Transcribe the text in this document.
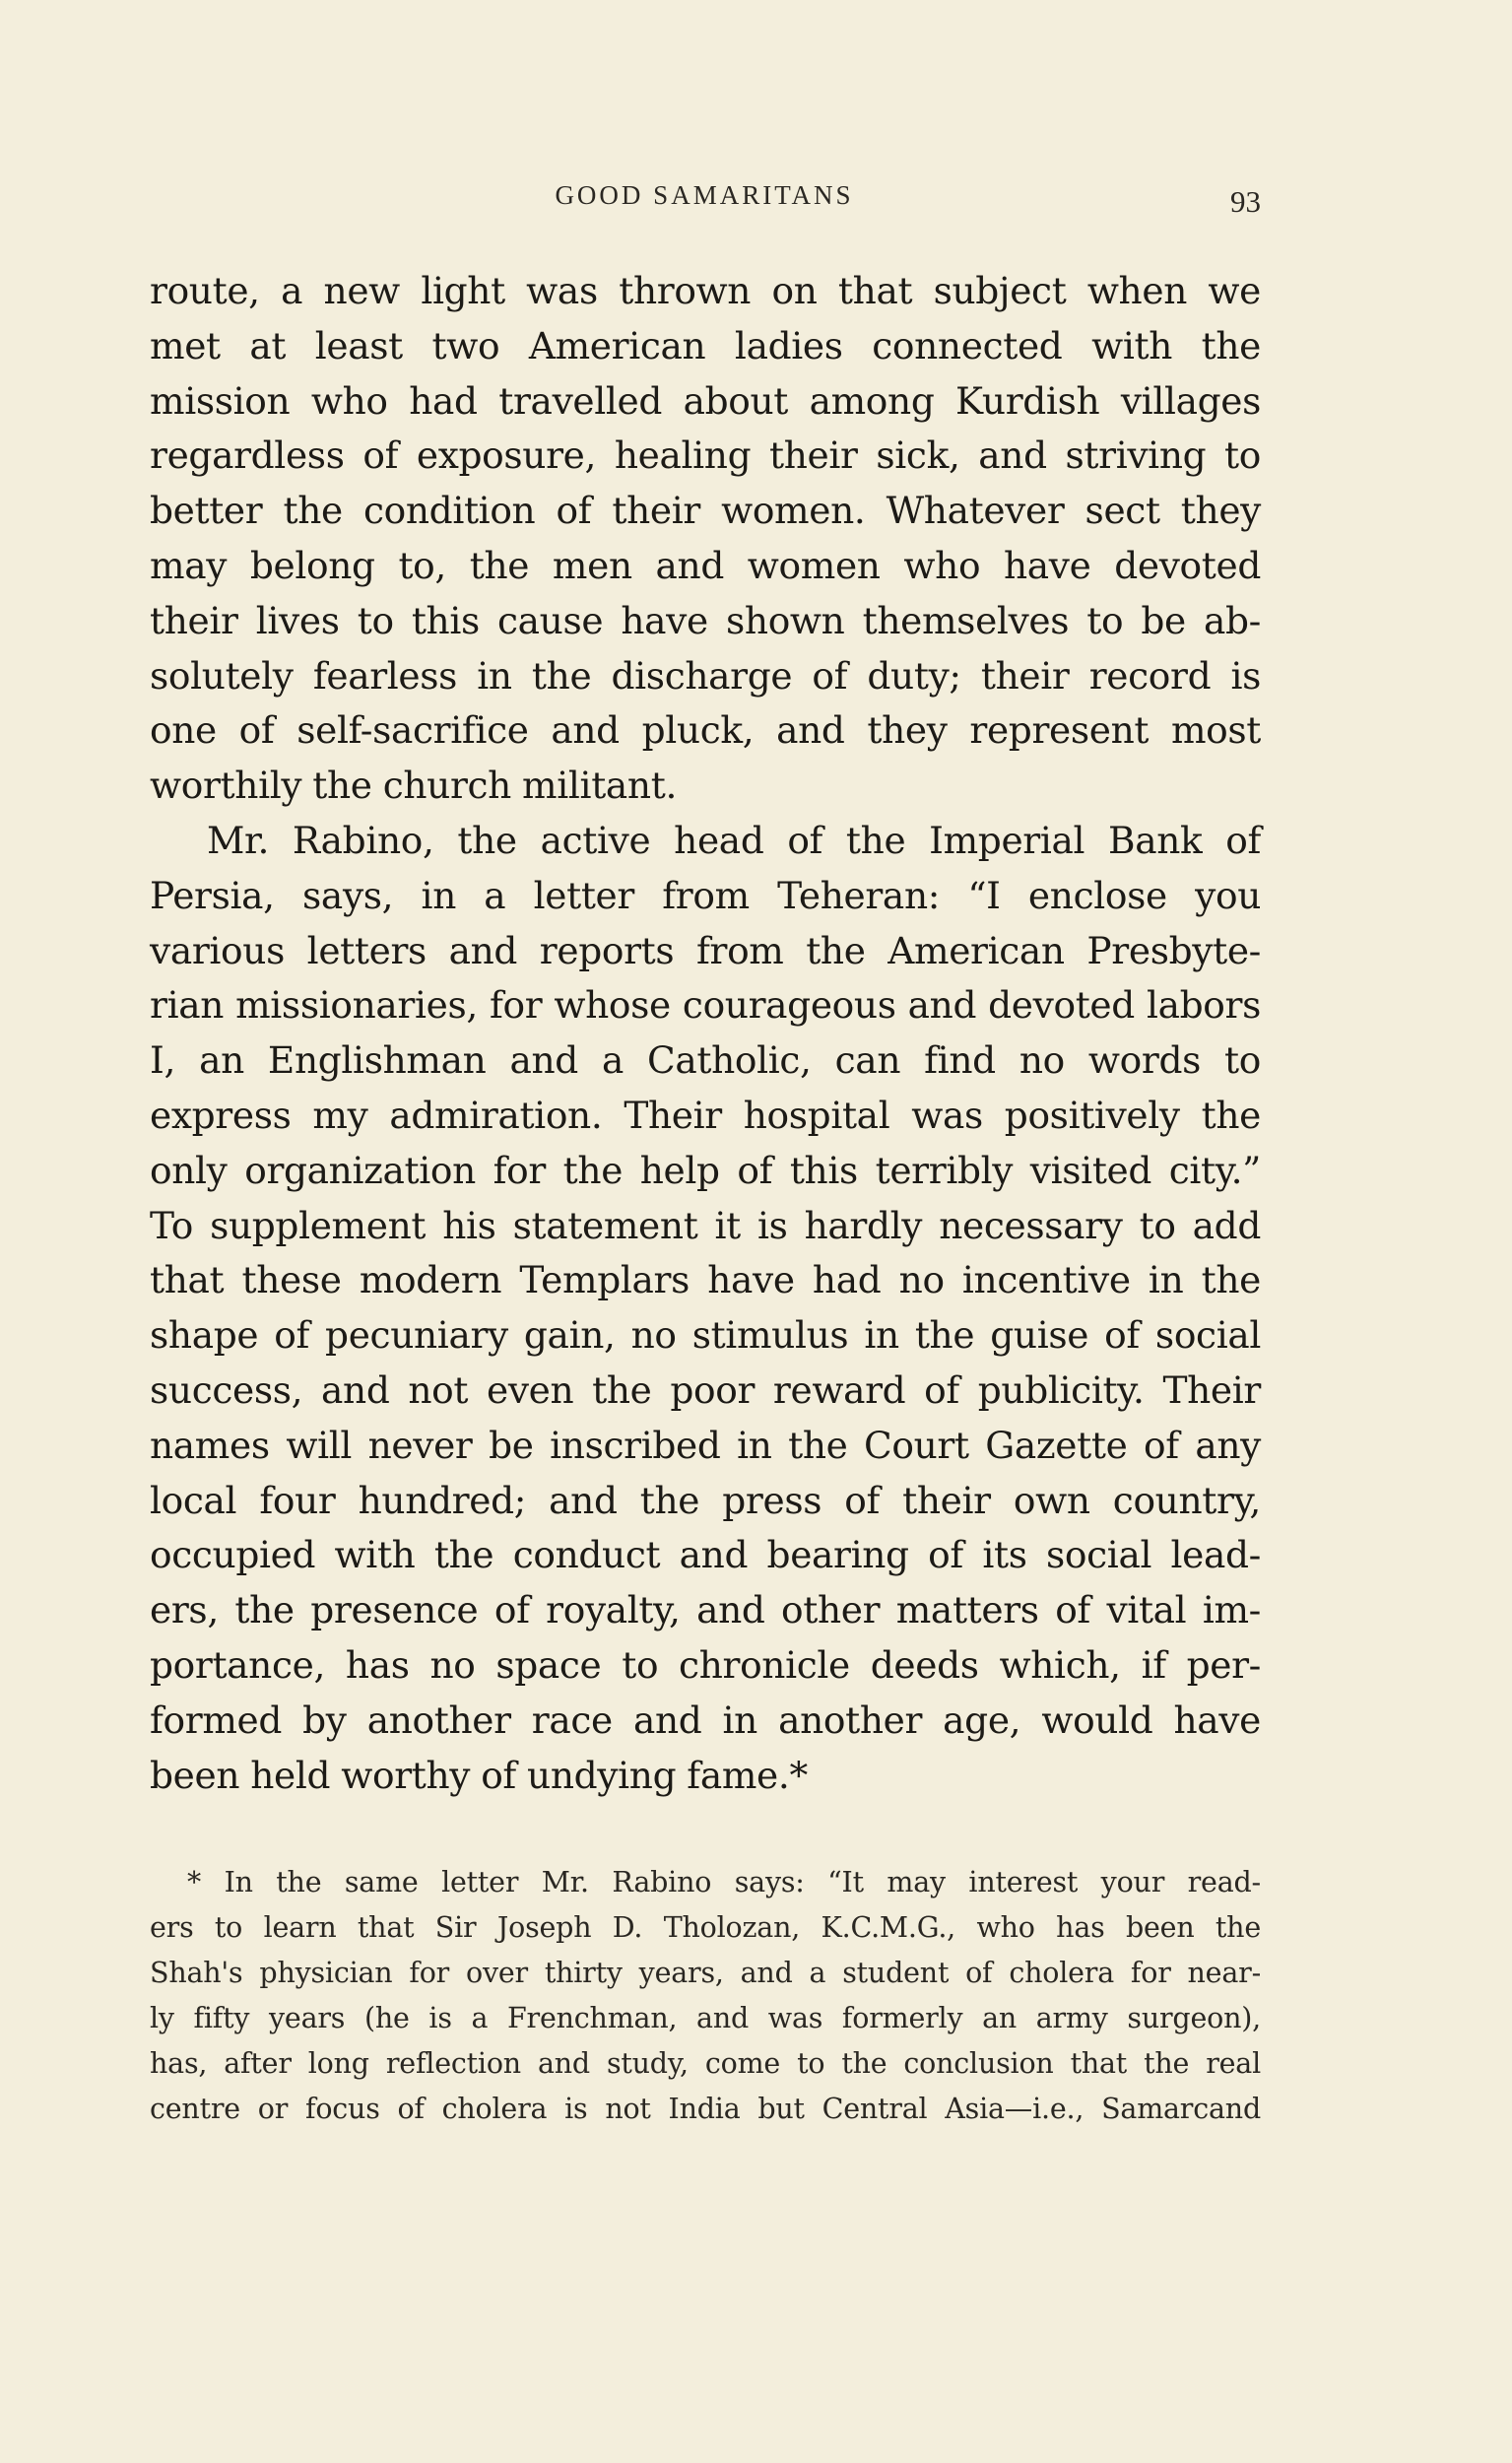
GOOD SAMARITANS	93
route, a new light was thrown on that subject when we
met at least two American ladies connected with the
mission who had travelled about among Kurdish villages
regardless of exposure, healing their sick, and striving to
better the condition of their women. Whatever sect they
may belong to, the men and women who have devoted
their lives to this cause have shown themselves to be ab-
solutely fearless in the discharge of duty; their record is
one of self-sacrifice and pluck, and they represent most
worthily the church militant.
Mr. Rabino, the active head of the Imperial Bank of
Persia, says, in a letter from Teheran: “I enclose you
various letters and reports from the American Presbyte-
rian missionaries, for whose courageous and devoted labors
I, an Englishman and a Catholic, can find no words to
express my admiration. Their hospital was positively the
only organization for the help of this terribly visited city.”
To supplement his statement it is hardly necessary to add
that these modern Templars have had no incentive in the
shape of pecuniary gain, no stimulus in the guise of social
success, and not even the poor reward of publicity. Their
names will never be inscribed in the Court Gazette of any
local four hundred; and the press of their own country,
occupied with the conduct and bearing of its social lead-
ers, the presence of royalty, and other matters of vital im-
portance, has no space to chronicle deeds which, if per-
formed by another race and in another age, would have
been held worthy of undying fame.*
* In the same letter Mr. Rabino says: “It may interest your read-
ers to learn that Sir Joseph D. Tholozan, K.C.M.G., who has been the
Shah's physician for over thirty years, and a student of cholera for near-
ly fifty years (he is a Frenchman, and was formerly an army surgeon),
has, after long reflection and study, come to the conclusion that the real
centre or focus of cholera is not India but Central Asia—i.e., Samarcand
